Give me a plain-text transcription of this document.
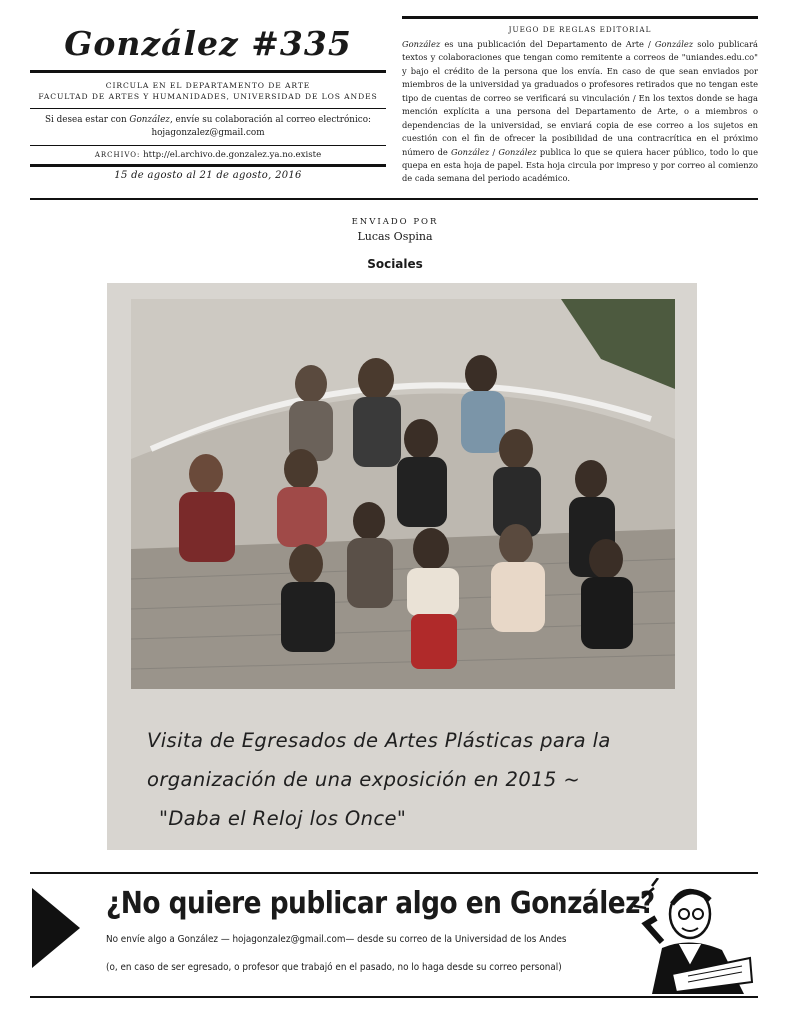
González #335
CIRCULA EN EL DEPARTAMENTO DE ARTE
FACULTAD DE ARTES Y HUMANIDADES, UNIVERSIDAD DE LOS ANDES
Si desea estar con González, envíe su colaboración al correo electrónico:
hojagonzalez@gmail.com
ARCHIVO: http://el.archivo.de.gonzalez.ya.no.existe
15 de agosto al 21 de agosto, 2016
JUEGO DE REGLAS EDITORIAL
González es una publicación del Departamento de Arte / González solo publicará textos y colaboraciones que tengan como remitente a correos de "uniandes.edu.co" y bajo el crédito de la persona que los envía. En caso de que sean enviados por miembros de la universidad ya graduados o profesores retirados que no tengan este tipo de cuentas de correo se verificará su vinculación / En los textos donde se haga mención explícita a una persona del Departamento de Arte, o a miembros o dependencias de la universidad, se enviará copia de ese correo a los sujetos en cuestión con el fin de ofrecer la posibilidad de una contracrítica en el próximo número de González / González publica lo que se quiera hacer público, todo lo que quepa en esta hoja de papel. Esta hoja circula por impreso y por correo al comienzo de cada semana del periodo académico.
ENVIADO POR
Lucas Ospina
Sociales
Visita de Egresados de Artes Plásticas para la
organización de una exposición en 2015 ~
"Daba el Reloj los Once"
¿No quiere publicar algo en González?
No envíe algo a González — hojagonzalez@gmail.com— desde su correo de la Universidad de los Andes
(o, en caso de ser egresado, o profesor que trabajó en el pasado, no lo haga desde su correo personal)
